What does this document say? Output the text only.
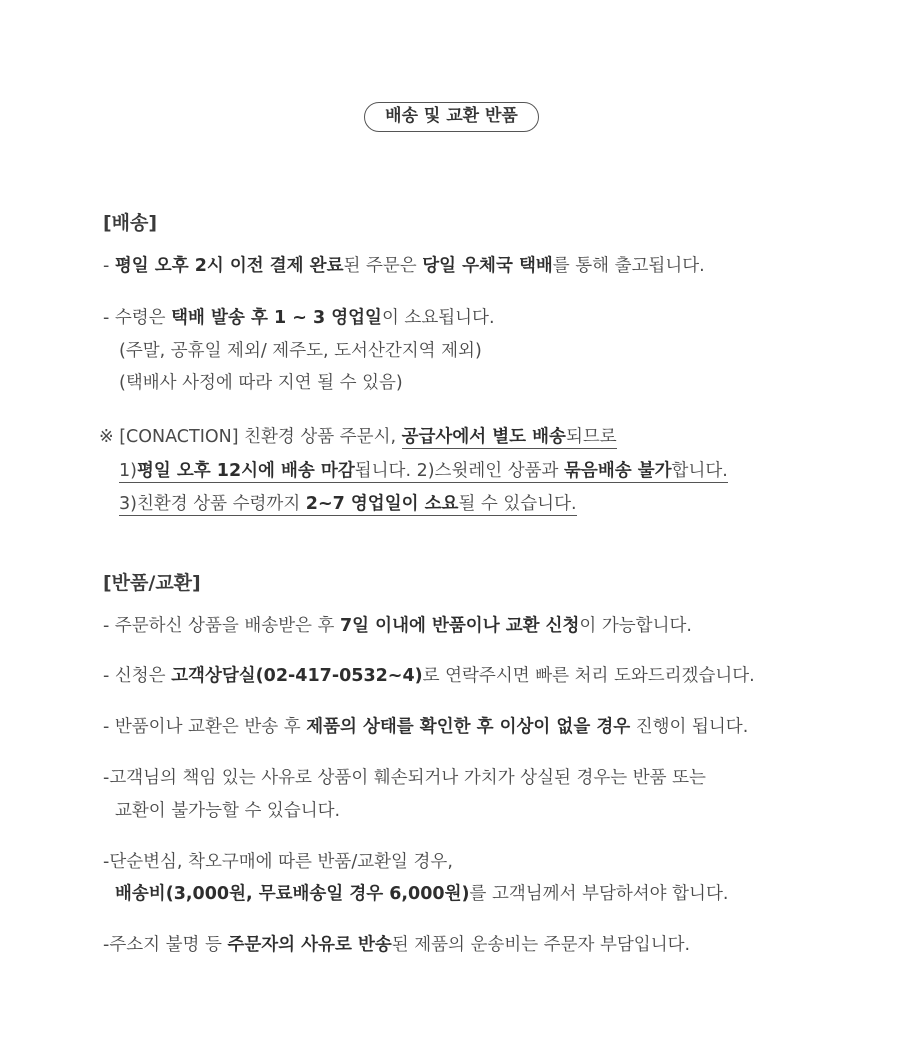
배송 및 교환 반품
[배송]
- 평일 오후 2시 이전 결제 완료된 주문은 당일 우체국 택배를 통해 출고됩니다.
- 수령은 택배 발송 후 1 ~ 3 영업일이 소요됩니다.
(주말, 공휴일 제외/ 제주도, 도서산간지역 제외)
(택배사 사정에 따라 지연 될 수 있음)
※ [CONACTION] 친환경 상품 주문시, 공급사에서 별도 배송되므로
1)평일 오후 12시에 배송 마감됩니다. 2)스윗레인 상품과 묶음배송 불가합니다.
3)친환경 상품 수령까지 2~7 영업일이 소요될 수 있습니다.
[반품/교환]
- 주문하신 상품을 배송받은 후 7일 이내에 반품이나 교환 신청이 가능합니다.
- 신청은 고객상담실(02-417-0532~4)로 연락주시면 빠른 처리 도와드리겠습니다.
- 반품이나 교환은 반송 후 제품의 상태를 확인한 후 이상이 없을 경우 진행이 됩니다.
-고객님의 책임 있는 사유로 상품이 훼손되거나 가치가 상실된 경우는 반품 또는
교환이 불가능할 수 있습니다.
-단순변심, 착오구매에 따른 반품/교환일 경우,
배송비(3,000원, 무료배송일 경우 6,000원)를 고객님께서 부담하셔야 합니다.
-주소지 불명 등 주문자의 사유로 반송된 제품의 운송비는 주문자 부담입니다.
